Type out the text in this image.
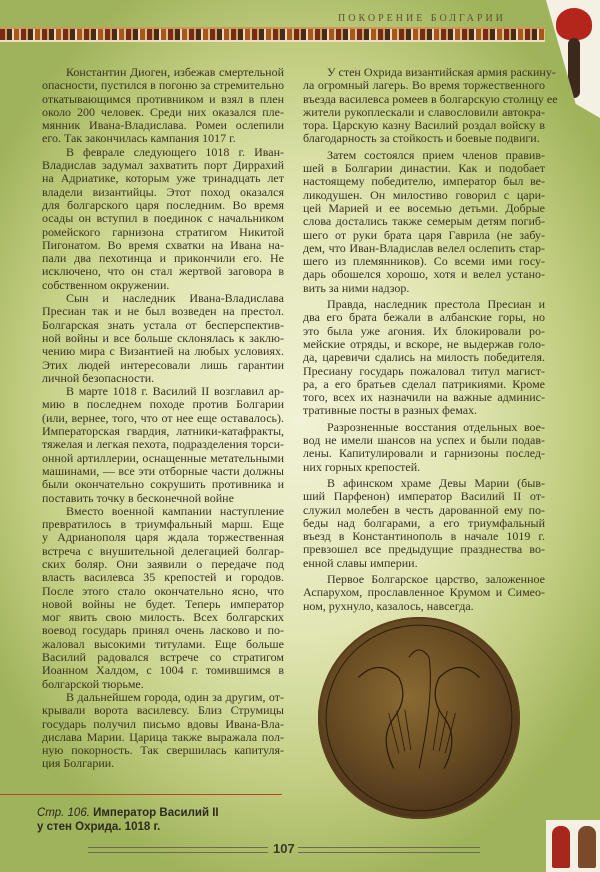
ПОКОРЕНИЕ БОЛГАРИИ
Константин Диоген, избежав смертельной
опасности, пустился в погоню за стремительно
откатывающимся противником и взял в плен
около 200 человек. Среди них оказался пле-
мянник Ивана-Владислава. Ромеи ослепили
его. Так закончилась кампания 1017 г.
В феврале следующего 1018 г. Иван-
Владислав задумал захватить порт Диррахий
на Адриатике, которым уже тринадцать лет
владели византийцы. Этот поход оказался
для болгарского царя последним. Во время
осады он вступил в поединок с начальником
ромейского гарнизона стратигом Никитой
Пигонатом. Во время схватки на Ивана на-
пали два пехотинца и прикончили его. Не
исключено, что он стал жертвой заговора в
собственном окружении.
Сын и наследник Ивана-Владислава
Пресиан так и не был возведен на престол.
Болгарская знать устала от бесперспектив-
ной войны и все больше склонялась к заклю-
чению мира с Византией на любых условиях.
Этих людей интересовали лишь гарантии
личной безопасности.
В марте 1018 г. Василий II возглавил ар-
мию в последнем походе против Болгарии
(или, вернее, того, что от нее еще оставалось).
Императорская гвардия, латники-катафракты,
тяжелая и легкая пехота, подразделения торси-
онной артиллерии, оснащенные метательными
машинами, — все эти отборные части должны
были окончательно сокрушить противника и
поставить точку в бесконечной войне
Вместо военной кампании наступление
превратилось в триумфальный марш. Еще
у Адрианополя царя ждала торжественная
встреча с внушительной делегацией болгар-
ских боляр. Они заявили о передаче под
власть василевса 35 крепостей и городов.
После этого стало окончательно ясно, что
новой войны не будет. Теперь император
мог явить свою милость. Всех болгарских
воевод государь принял очень ласково и по-
жаловал высокими титулами. Еще больше
Василий радовался встрече со стратигом
Иоанном Халдом, с 1004 г. томившимся в
болгарской тюрьме.
В дальнейшем города, один за другим, от-
крывали ворота василевсу. Близ Струмицы
государь получил письмо вдовы Ивана-Вла-
дислава Марии. Царица также выражала пол-
ную покорность. Так свершилась капитуля-
ция Болгарии.
У стен Охрида византийская армия раскину-
ла огромный лагерь. Во время торжественного
въезда василевса ромеев в болгарскую столицу ее
жители рукоплескали и славословили автокра-
тора. Царскую казну Василий роздал войску в
благодарность за стойкость и боевые подвиги.
Затем состоялся прием членов правив-
шей в Болгарии династии. Как и подобает
настоящему победителю, император был ве-
ликодушен. Он милостиво говорил с цари-
цей Марией и ее восемью детьми. Добрые
слова достались также семерым детям погиб-
шего от руки брата царя Гаврила (не забу-
дем, что Иван-Владислав велел ослепить стар-
шего из племянников). Со всеми ими госу-
дарь обошелся хорошо, хотя и велел устано-
вить за ними надзор.
Правда, наследник престола Пресиан и
два его брата бежали в албанские горы, но
это была уже агония. Их блокировали ро-
мейские отряды, и вскоре, не выдержав голо-
да, царевичи сдались на милость победителя.
Пресиану государь пожаловал титул магист-
ра, а его братьев сделал патрикиями. Кроме
того, всех их назначили на важные админис-
тративные посты в разных фемах.
Разрозненные восстания отдельных вое-
вод не имели шансов на успех и были подав-
лены. Капитулировали и гарнизоны послед-
них горных крепостей.
В афинском храме Девы Марии (быв-
ший Парфенон) император Василий II от-
служил молебен в честь дарованной ему по-
беды над болгарами, а его триумфальный
въезд в Константинополь в начале 1019 г.
превзошел все предыдущие празднества во-
енной славы империи.
Первое Болгарское царство, заложенное
Аспарухом, прославленное Крумом и Симео-
ном, рухнуло, казалось, навсегда.
Стр. 106. Император Василий II
у стен Охрида. 1018 г.
107
